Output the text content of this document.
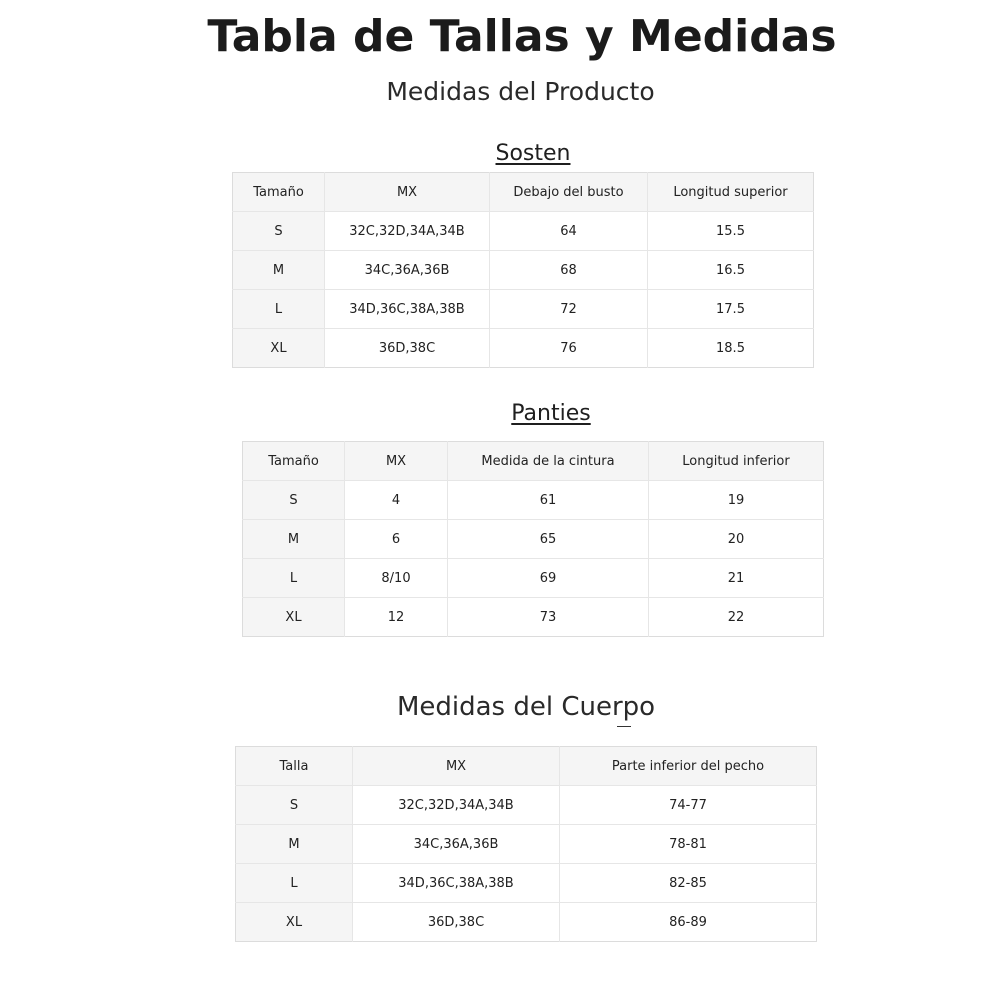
Tabla de Tallas y Medidas
Medidas del Producto
Sosten
Tamaño	MX	Debajo del busto	Longitud superior
S	32C,32D,34A,34B	64	15.5
M	34C,36A,36B	68	16.5
L	34D,36C,38A,38B	72	17.5
XL	36D,38C	76	18.5
Panties
Tamaño	MX	Medida de la cintura	Longitud inferior
S	4	61	19
M	6	65	20
L	8/10	69	21
XL	12	73	22
Medidas del Cuerpo
Talla	MX	Parte inferior del pecho
S	32C,32D,34A,34B	74-77
M	34C,36A,36B	78-81
L	34D,36C,38A,38B	82-85
XL	36D,38C	86-89
